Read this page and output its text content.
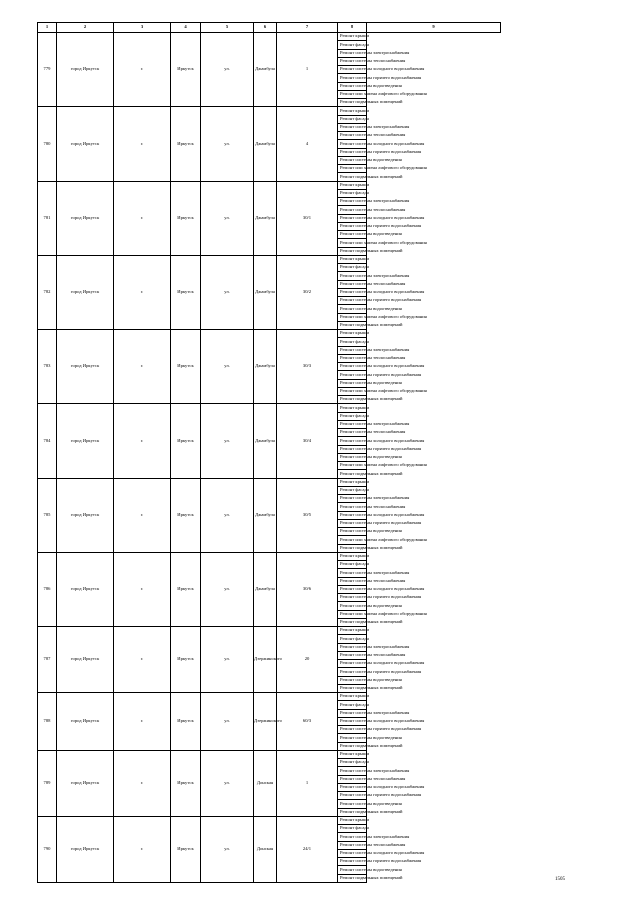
1	2	3	4	5	6	7	8	9
779	город Иркутск	г.	Иркутск	ул.	Джамбула	1	Ремонт крыши	
							Ремонт фасада	
							Ремонт системы электроснабжения	
							Ремонт системы теплоснабжения	
							Ремонт системы холодного водоснабжения	
							Ремонт системы горячего водоснабжения	
							Ремонт системы водоотведения	
							Ремонт или замена лифтового оборудования	
							Ремонт подвальных помещений	
780	город Иркутск	г.	Иркутск	ул.	Джамбула	4	Ремонт крыши	
							Ремонт фасада	
							Ремонт системы электроснабжения	
							Ремонт системы теплоснабжения	
							Ремонт системы холодного водоснабжения	
							Ремонт системы горячего водоснабжения	
							Ремонт системы водоотведения	
							Ремонт или замена лифтового оборудования	
							Ремонт подвальных помещений	
781	город Иркутск	г.	Иркутск	ул.	Джамбула	30/1	Ремонт крыши	
							Ремонт фасада	
							Ремонт системы электроснабжения	
							Ремонт системы теплоснабжения	
							Ремонт системы холодного водоснабжения	
							Ремонт системы горячего водоснабжения	
							Ремонт системы водоотведения	
							Ремонт или замена лифтового оборудования	
							Ремонт подвальных помещений	
782	город Иркутск	г.	Иркутск	ул.	Джамбула	30/2	Ремонт крыши	
							Ремонт фасада	
							Ремонт системы электроснабжения	
							Ремонт системы теплоснабжения	
							Ремонт системы холодного водоснабжения	
							Ремонт системы горячего водоснабжения	
							Ремонт системы водоотведения	
							Ремонт или замена лифтового оборудования	
							Ремонт подвальных помещений	
783	город Иркутск	г.	Иркутск	ул.	Джамбула	30/3	Ремонт крыши	
							Ремонт фасада	
							Ремонт системы электроснабжения	
							Ремонт системы теплоснабжения	
							Ремонт системы холодного водоснабжения	
							Ремонт системы горячего водоснабжения	
							Ремонт системы водоотведения	
							Ремонт или замена лифтового оборудования	
							Ремонт подвальных помещений	
784	город Иркутск	г.	Иркутск	ул.	Джамбула	30/4	Ремонт крыши	
							Ремонт фасада	
							Ремонт системы электроснабжения	
							Ремонт системы теплоснабжения	
							Ремонт системы холодного водоснабжения	
							Ремонт системы горячего водоснабжения	
							Ремонт системы водоотведения	
							Ремонт или замена лифтового оборудования	
							Ремонт подвальных помещений	
785	город Иркутск	г.	Иркутск	ул.	Джамбула	30/5	Ремонт крыши	
							Ремонт фасада	
							Ремонт системы электроснабжения	
							Ремонт системы теплоснабжения	
							Ремонт системы холодного водоснабжения	
							Ремонт системы горячего водоснабжения	
							Ремонт системы водоотведения	
							Ремонт или замена лифтового оборудования	
							Ремонт подвальных помещений	
786	город Иркутск	г.	Иркутск	ул.	Джамбула	30/6	Ремонт крыши	
							Ремонт фасада	
							Ремонт системы электроснабжения	
							Ремонт системы теплоснабжения	
							Ремонт системы холодного водоснабжения	
							Ремонт системы горячего водоснабжения	
							Ремонт системы водоотведения	
							Ремонт или замена лифтового оборудования	
							Ремонт подвальных помещений	
787	город Иркутск	г.	Иркутск	ул.	Дзержинского	20	Ремонт крыши	
							Ремонт фасада	
							Ремонт системы электроснабжения	
							Ремонт системы теплоснабжения	
							Ремонт системы холодного водоснабжения	
							Ремонт системы горячего водоснабжения	
							Ремонт системы водоотведения	
							Ремонт подвальных помещений	
788	город Иркутск	г.	Иркутск	ул.	Дзержинского	60/3	Ремонт крыши	
							Ремонт фасада	
							Ремонт системы электроснабжения	
							Ремонт системы холодного водоснабжения	
							Ремонт системы горячего водоснабжения	
							Ремонт системы водоотведения	
							Ремонт подвальных помещений	
789	город Иркутск	г.	Иркутск	ул.	Донская	1	Ремонт крыши	
							Ремонт фасада	
							Ремонт системы электроснабжения	
							Ремонт системы теплоснабжения	
							Ремонт системы холодного водоснабжения	
							Ремонт системы горячего водоснабжения	
							Ремонт системы водоотведения	
							Ремонт подвальных помещений	
790	город Иркутск	г.	Иркутск	ул.	Донская	24/1	Ремонт крыши	
							Ремонт фасада	
							Ремонт системы электроснабжения	
							Ремонт системы теплоснабжения	
							Ремонт системы холодного водоснабжения	
							Ремонт системы горячего водоснабжения	
							Ремонт системы водоотведения	
							Ремонт подвальных помещений		1505
